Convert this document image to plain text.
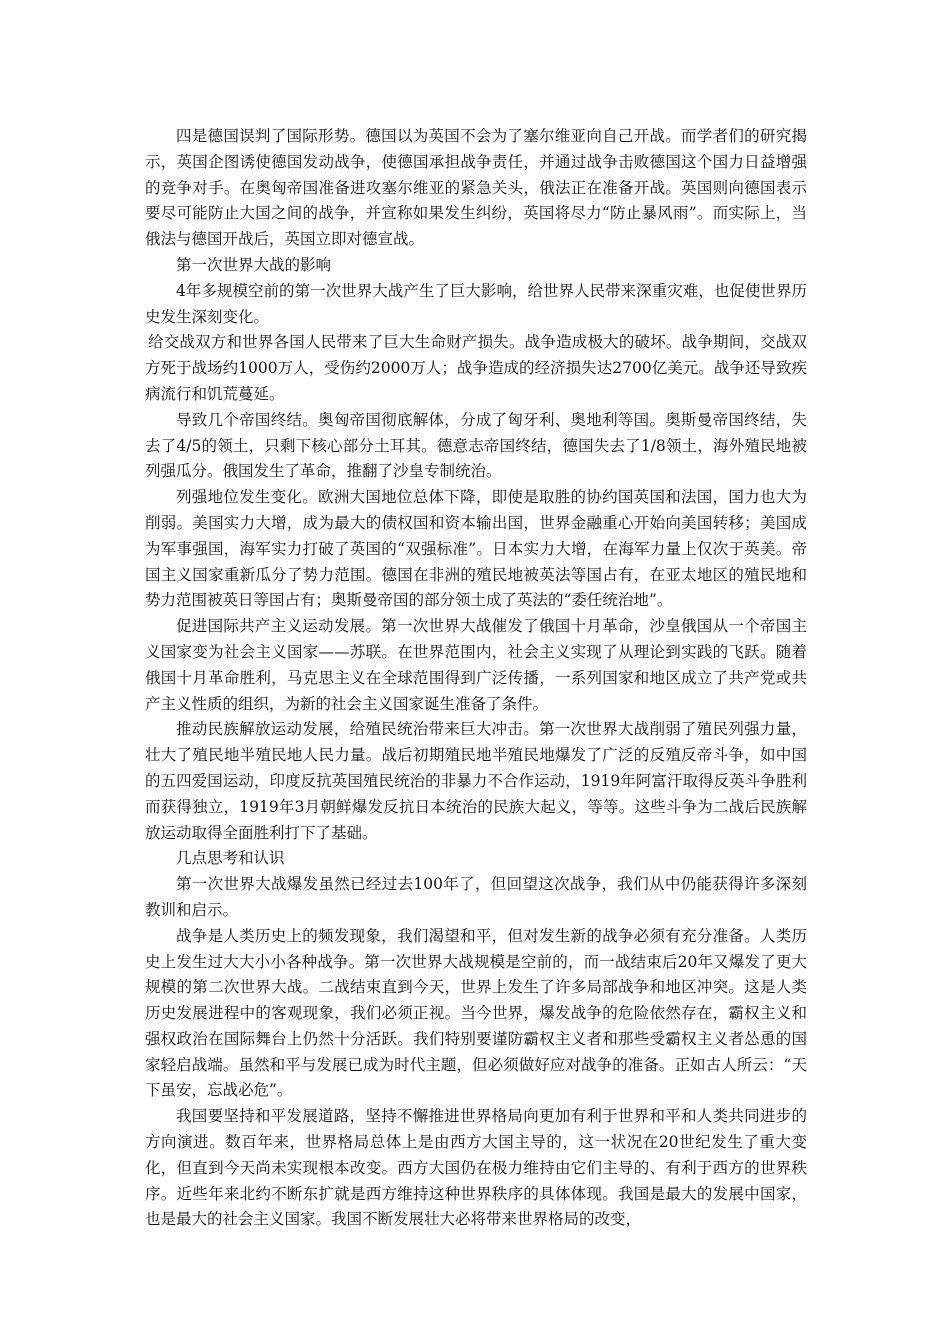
四是德国误判了国际形势。德国以为英国不会为了塞尔维亚向自己开战。而学者们的研究揭示，英国企图诱使德国发动战争，使德国承担战争责任，并通过战争击败德国这个国力日益增强的竞争对手。在奥匈帝国准备进攻塞尔维亚的紧急关头，俄法正在准备开战。英国则向德国表示要尽可能防止大国之间的战争，并宣称如果发生纠纷，英国将尽力“防止暴风雨”。而实际上，当俄法与德国开战后，英国立即对德宣战。

第一次世界大战的影响

4年多规模空前的第一次世界大战产生了巨大影响，给世界人民带来深重灾难，也促使世界历史发生深刻变化。

给交战双方和世界各国人民带来了巨大生命财产损失。战争造成极大的破坏。战争期间，交战双方死于战场约1000万人，受伤约2000万人；战争造成的经济损失达2700亿美元。战争还导致疾病流行和饥荒蔓延。

导致几个帝国终结。奥匈帝国彻底解体，分成了匈牙利、奥地利等国。奥斯曼帝国终结，失去了4/5的领土，只剩下核心部分土耳其。德意志帝国终结，德国失去了1/8领土，海外殖民地被列强瓜分。俄国发生了革命，推翻了沙皇专制统治。

列强地位发生变化。欧洲大国地位总体下降，即使是取胜的协约国英国和法国，国力也大为削弱。美国实力大增，成为最大的债权国和资本输出国，世界金融重心开始向美国转移；美国成为军事强国，海军实力打破了英国的“双强标准”。日本实力大增，在海军力量上仅次于英美。帝国主义国家重新瓜分了势力范围。德国在非洲的殖民地被英法等国占有，在亚太地区的殖民地和势力范围被英日等国占有；奥斯曼帝国的部分领土成了英法的“委任统治地”。

促进国际共产主义运动发展。第一次世界大战催发了俄国十月革命，沙皇俄国从一个帝国主义国家变为社会主义国家——苏联。在世界范围内，社会主义实现了从理论到实践的飞跃。随着俄国十月革命胜利，马克思主义在全球范围得到广泛传播，一系列国家和地区成立了共产党或共产主义性质的组织，为新的社会主义国家诞生准备了条件。

推动民族解放运动发展，给殖民统治带来巨大冲击。第一次世界大战削弱了殖民列强力量，壮大了殖民地半殖民地人民力量。战后初期殖民地半殖民地爆发了广泛的反殖反帝斗争，如中国的五四爱国运动，印度反抗英国殖民统治的非暴力不合作运动，1919年阿富汗取得反英斗争胜利而获得独立，1919年3月朝鲜爆发反抗日本统治的民族大起义，等等。这些斗争为二战后民族解放运动取得全面胜利打下了基础。

几点思考和认识

第一次世界大战爆发虽然已经过去100年了，但回望这次战争，我们从中仍能获得许多深刻教训和启示。

战争是人类历史上的频发现象，我们渴望和平，但对发生新的战争必须有充分准备。人类历史上发生过大大小小各种战争。第一次世界大战规模是空前的，而一战结束后20年又爆发了更大规模的第二次世界大战。二战结束直到今天，世界上发生了许多局部战争和地区冲突。这是人类历史发展进程中的客观现象，我们必须正视。当今世界，爆发战争的危险依然存在，霸权主义和强权政治在国际舞台上仍然十分活跃。我们特别要谨防霸权主义者和那些受霸权主义者怂恿的国家轻启战端。虽然和平与发展已成为时代主题，但必须做好应对战争的准备。正如古人所云：“天下虽安，忘战必危”。

我国要坚持和平发展道路，坚持不懈推进世界格局向更加有利于世界和平和人类共同进步的方向演进。数百年来，世界格局总体上是由西方大国主导的，这一状况在20世纪发生了重大变化，但直到今天尚未实现根本改变。西方大国仍在极力维持由它们主导的、有利于西方的世界秩序。近些年来北约不断东扩就是西方维持这种世界秩序的具体体现。我国是最大的发展中国家，也是最大的社会主义国家。我国不断发展壮大必将带来世界格局的改变，
